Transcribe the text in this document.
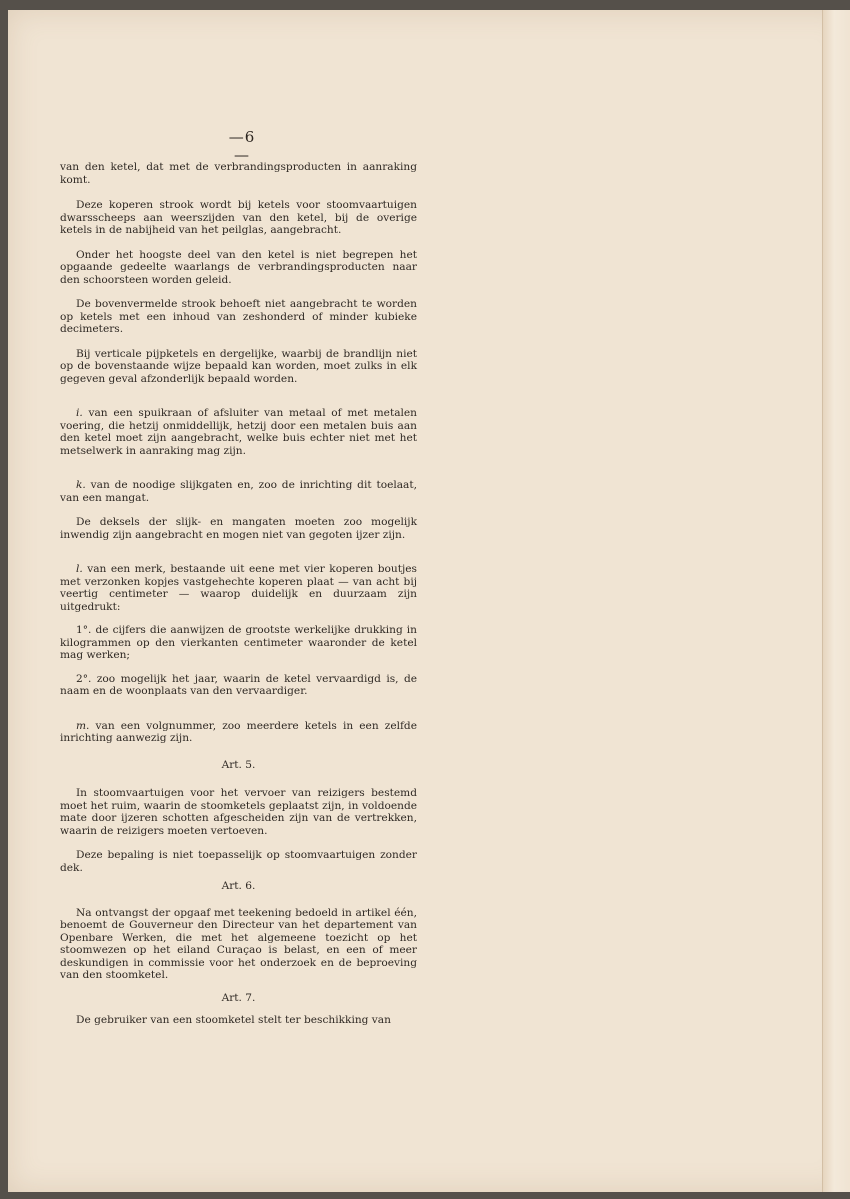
—6—

van den ketel, dat met de verbrandingsproducten in aanraking komt.

Deze koperen strook wordt bij ketels voor stoomvaartuigen dwarsscheeps aan weerszijden van den ketel, bij de overige ketels in de nabijheid van het peilglas, aangebracht.

Onder het hoogste deel van den ketel is niet begrepen het opgaande gedeelte waarlangs de verbrandingsproducten naar den schoorsteen worden geleid.

De bovenvermelde strook behoeft niet aangebracht te worden op ketels met een inhoud van zeshonderd of minder kubieke decimeters.

Bij verticale pijpketels en dergelijke, waarbij de brandlijn niet op de bovenstaande wijze bepaald kan worden, moet zulks in elk gegeven geval afzonderlijk bepaald worden.

i. van een spuikraan of afsluiter van metaal of met metalen voering, die hetzij onmiddellijk, hetzij door een metalen buis aan den ketel moet zijn aangebracht, welke buis echter niet met het metselwerk in aanraking mag zijn.

k. van de noodige slijkgaten en, zoo de inrichting dit toelaat, van een mangat.

De deksels der slijk- en mangaten moeten zoo mogelijk inwendig zijn aangebracht en mogen niet van gegoten ijzer zijn.

l. van een merk, bestaande uit eene met vier koperen boutjes met verzonken kopjes vastgehechte koperen plaat — van acht bij veertig centimeter — waarop duidelijk en duurzaam zijn uitgedrukt:

1°. de cijfers die aanwijzen de grootste werkelijke drukking in kilogrammen op den vierkanten centimeter waaronder de ketel mag werken;

2°. zoo mogelijk het jaar, waarin de ketel vervaardigd is, de naam en de woonplaats van den vervaardiger.

m. van een volgnummer, zoo meerdere ketels in een zelfde inrichting aanwezig zijn.

Art. 5.

In stoomvaartuigen voor het vervoer van reizigers bestemd moet het ruim, waarin de stoomketels geplaatst zijn, in voldoende mate door ijzeren schotten afgescheiden zijn van de vertrekken, waarin de reizigers moeten vertoeven.

Deze bepaling is niet toepasselijk op stoomvaartuigen zonder dek.

Art. 6.

Na ontvangst der opgaaf met teekening bedoeld in artikel één, benoemt de Gouverneur den Directeur van het departement van Openbare Werken, die met het algemeene toezicht op het stoomwezen op het eiland Curaçao is belast, en een of meer deskundigen in commissie voor het onderzoek en de beproeving van den stoomketel.

Art. 7.

De gebruiker van een stoomketel stelt ter beschikking van
